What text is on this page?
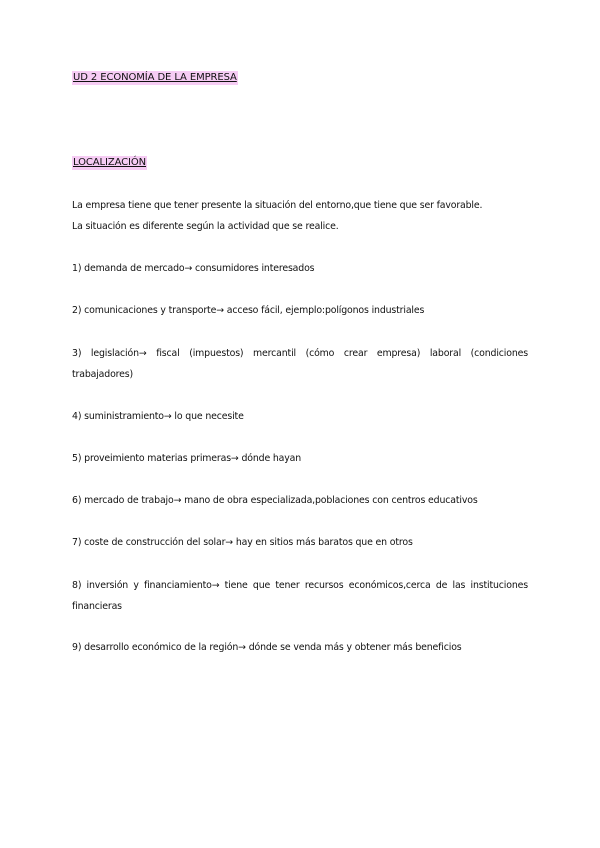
UD 2 ECONOMÍA DE LA EMPRESA
LOCALIZACIÓN
La empresa tiene que tener presente la situación del entorno,que tiene que ser favorable.
La situación es diferente según la actividad que se realice.
1) demanda de mercado→ consumidores interesados
2) comunicaciones y transporte→ acceso fácil, ejemplo:polígonos industriales
3) legislación→ fiscal (impuestos) mercantil (cómo crear empresa) laboral (condiciones trabajadores)
4) suministramiento→ lo que necesite
5) proveimiento materias primeras→ dónde hayan
6) mercado de trabajo→ mano de obra especializada,poblaciones con centros educativos
7) coste de construcción del solar→ hay en sitios más baratos que en otros
8) inversión y financiamiento→ tiene que tener recursos económicos,cerca de las instituciones financieras
9) desarrollo económico de la región→ dónde se venda más y obtener más beneficios
